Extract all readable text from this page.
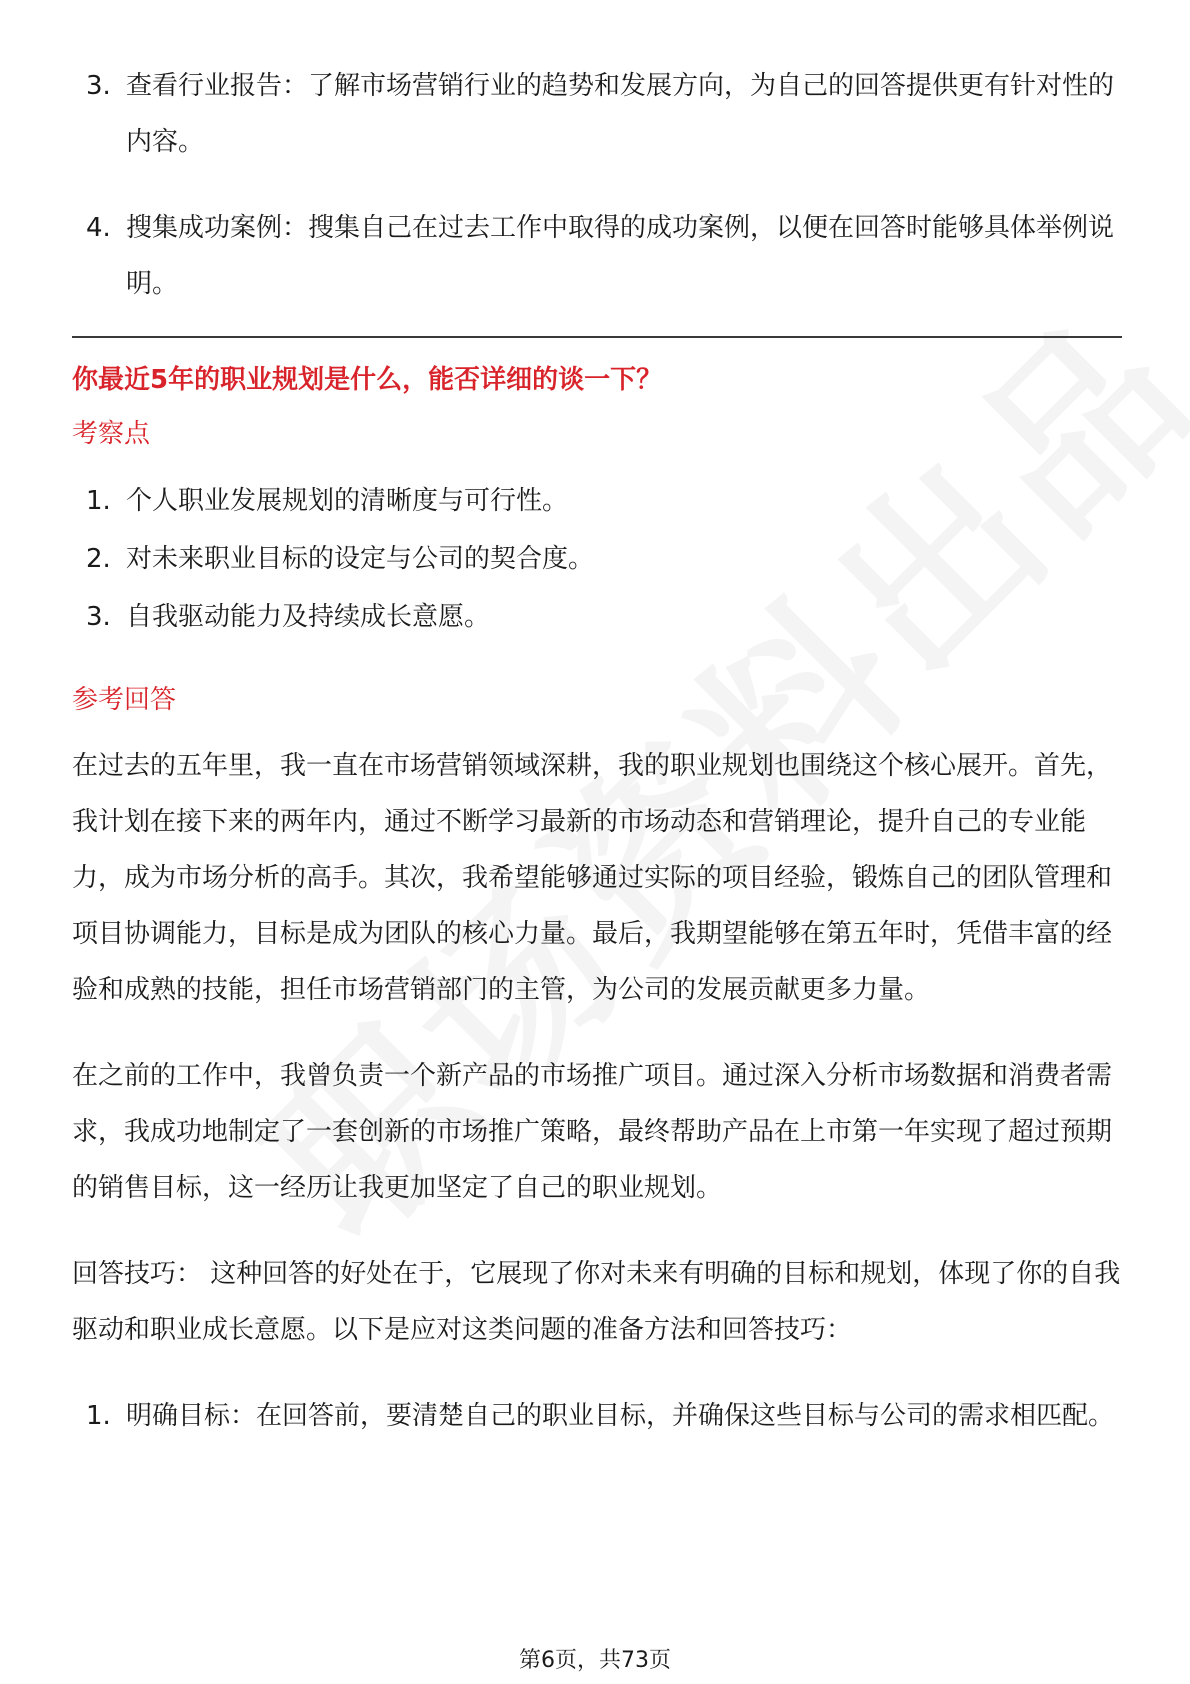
3. 查看行业报告：了解市场营销行业的趋势和发展方向，为自己的回答提供更有针对性的内容。
4. 搜集成功案例：搜集自己在过去工作中取得的成功案例，以便在回答时能够具体举例说明。
你最近5年的职业规划是什么，能否详细的谈一下？
考察点
1. 个人职业发展规划的清晰度与可行性。
2. 对未来职业目标的设定与公司的契合度。
3. 自我驱动能力及持续成长意愿。
参考回答
在过去的五年里，我一直在市场营销领域深耕，我的职业规划也围绕这个核心展开。首先，我计划在接下来的两年内，通过不断学习最新的市场动态和营销理论，提升自己的专业能力，成为市场分析的高手。其次，我希望能够通过实际的项目经验，锻炼自己的团队管理和项目协调能力，目标是成为团队的核心力量。最后，我期望能够在第五年时，凭借丰富的经验和成熟的技能，担任市场营销部门的主管，为公司的发展贡献更多力量。
在之前的工作中，我曾负责一个新产品的市场推广项目。通过深入分析市场数据和消费者需求，我成功地制定了一套创新的市场推广策略，最终帮助产品在上市第一年实现了超过预期的销售目标，这一经历让我更加坚定了自己的职业规划。
回答技巧： 这种回答的好处在于，它展现了你对未来有明确的目标和规划，体现了你的自我驱动和职业成长意愿。以下是应对这类问题的准备方法和回答技巧：
1. 明确目标：在回答前，要清楚自己的职业目标，并确保这些目标与公司的需求相匹配。
第6页，共73页
